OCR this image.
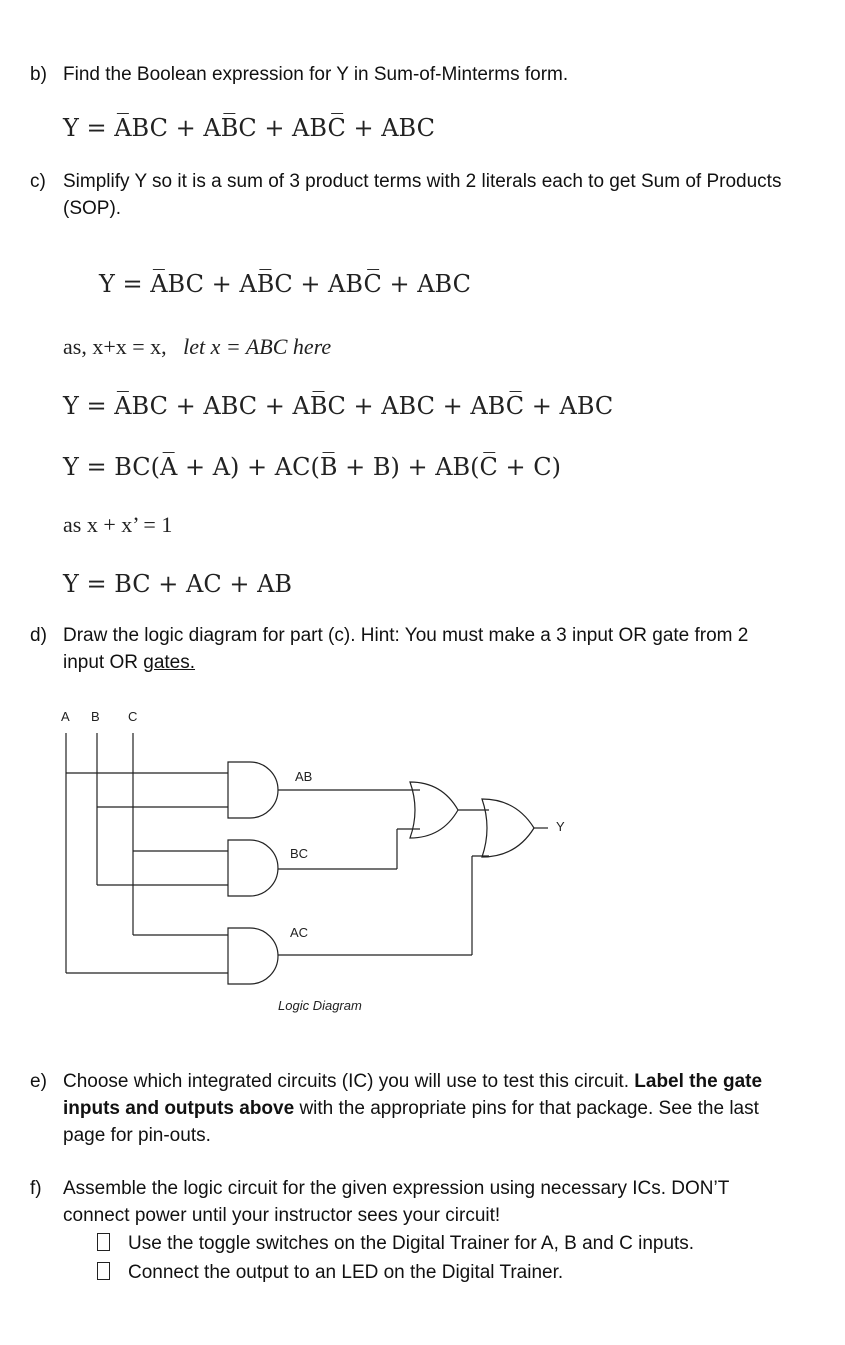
b) Find the Boolean expression for Y in Sum-of-Minterms form.
Y = A̅BC + AB̅C + ABC̅ + ABC
c) Simplify Y so it is a sum of 3 product terms with 2 literals each to get Sum of Products
(SOP).
Y = A̅BC + AB̅C + ABC̅ + ABC
as, x+x = x, let x = ABC here
Y = A̅BC + ABC + AB̅C + ABC + ABC̅ + ABC
Y = BC(A̅ + A) + AC(B̅ + B) + AB(C̅ + C)
as x + x’ = 1
Y = BC + AC + AB
d) Draw the logic diagram for part (c). Hint: You must make a 3 input OR gate from 2
input OR gates.
A B C
AB
BC
AC
Y
Logic Diagram
e) Choose which integrated circuits (IC) you will use to test this circuit. Label the gate
inputs and outputs above with the appropriate pins for that package. See the last
page for pin-outs.
f) Assemble the logic circuit for the given expression using necessary ICs. DON’T
connect power until your instructor sees your circuit!
Use the toggle switches on the Digital Trainer for A, B and C inputs.
Connect the output to an LED on the Digital Trainer.
